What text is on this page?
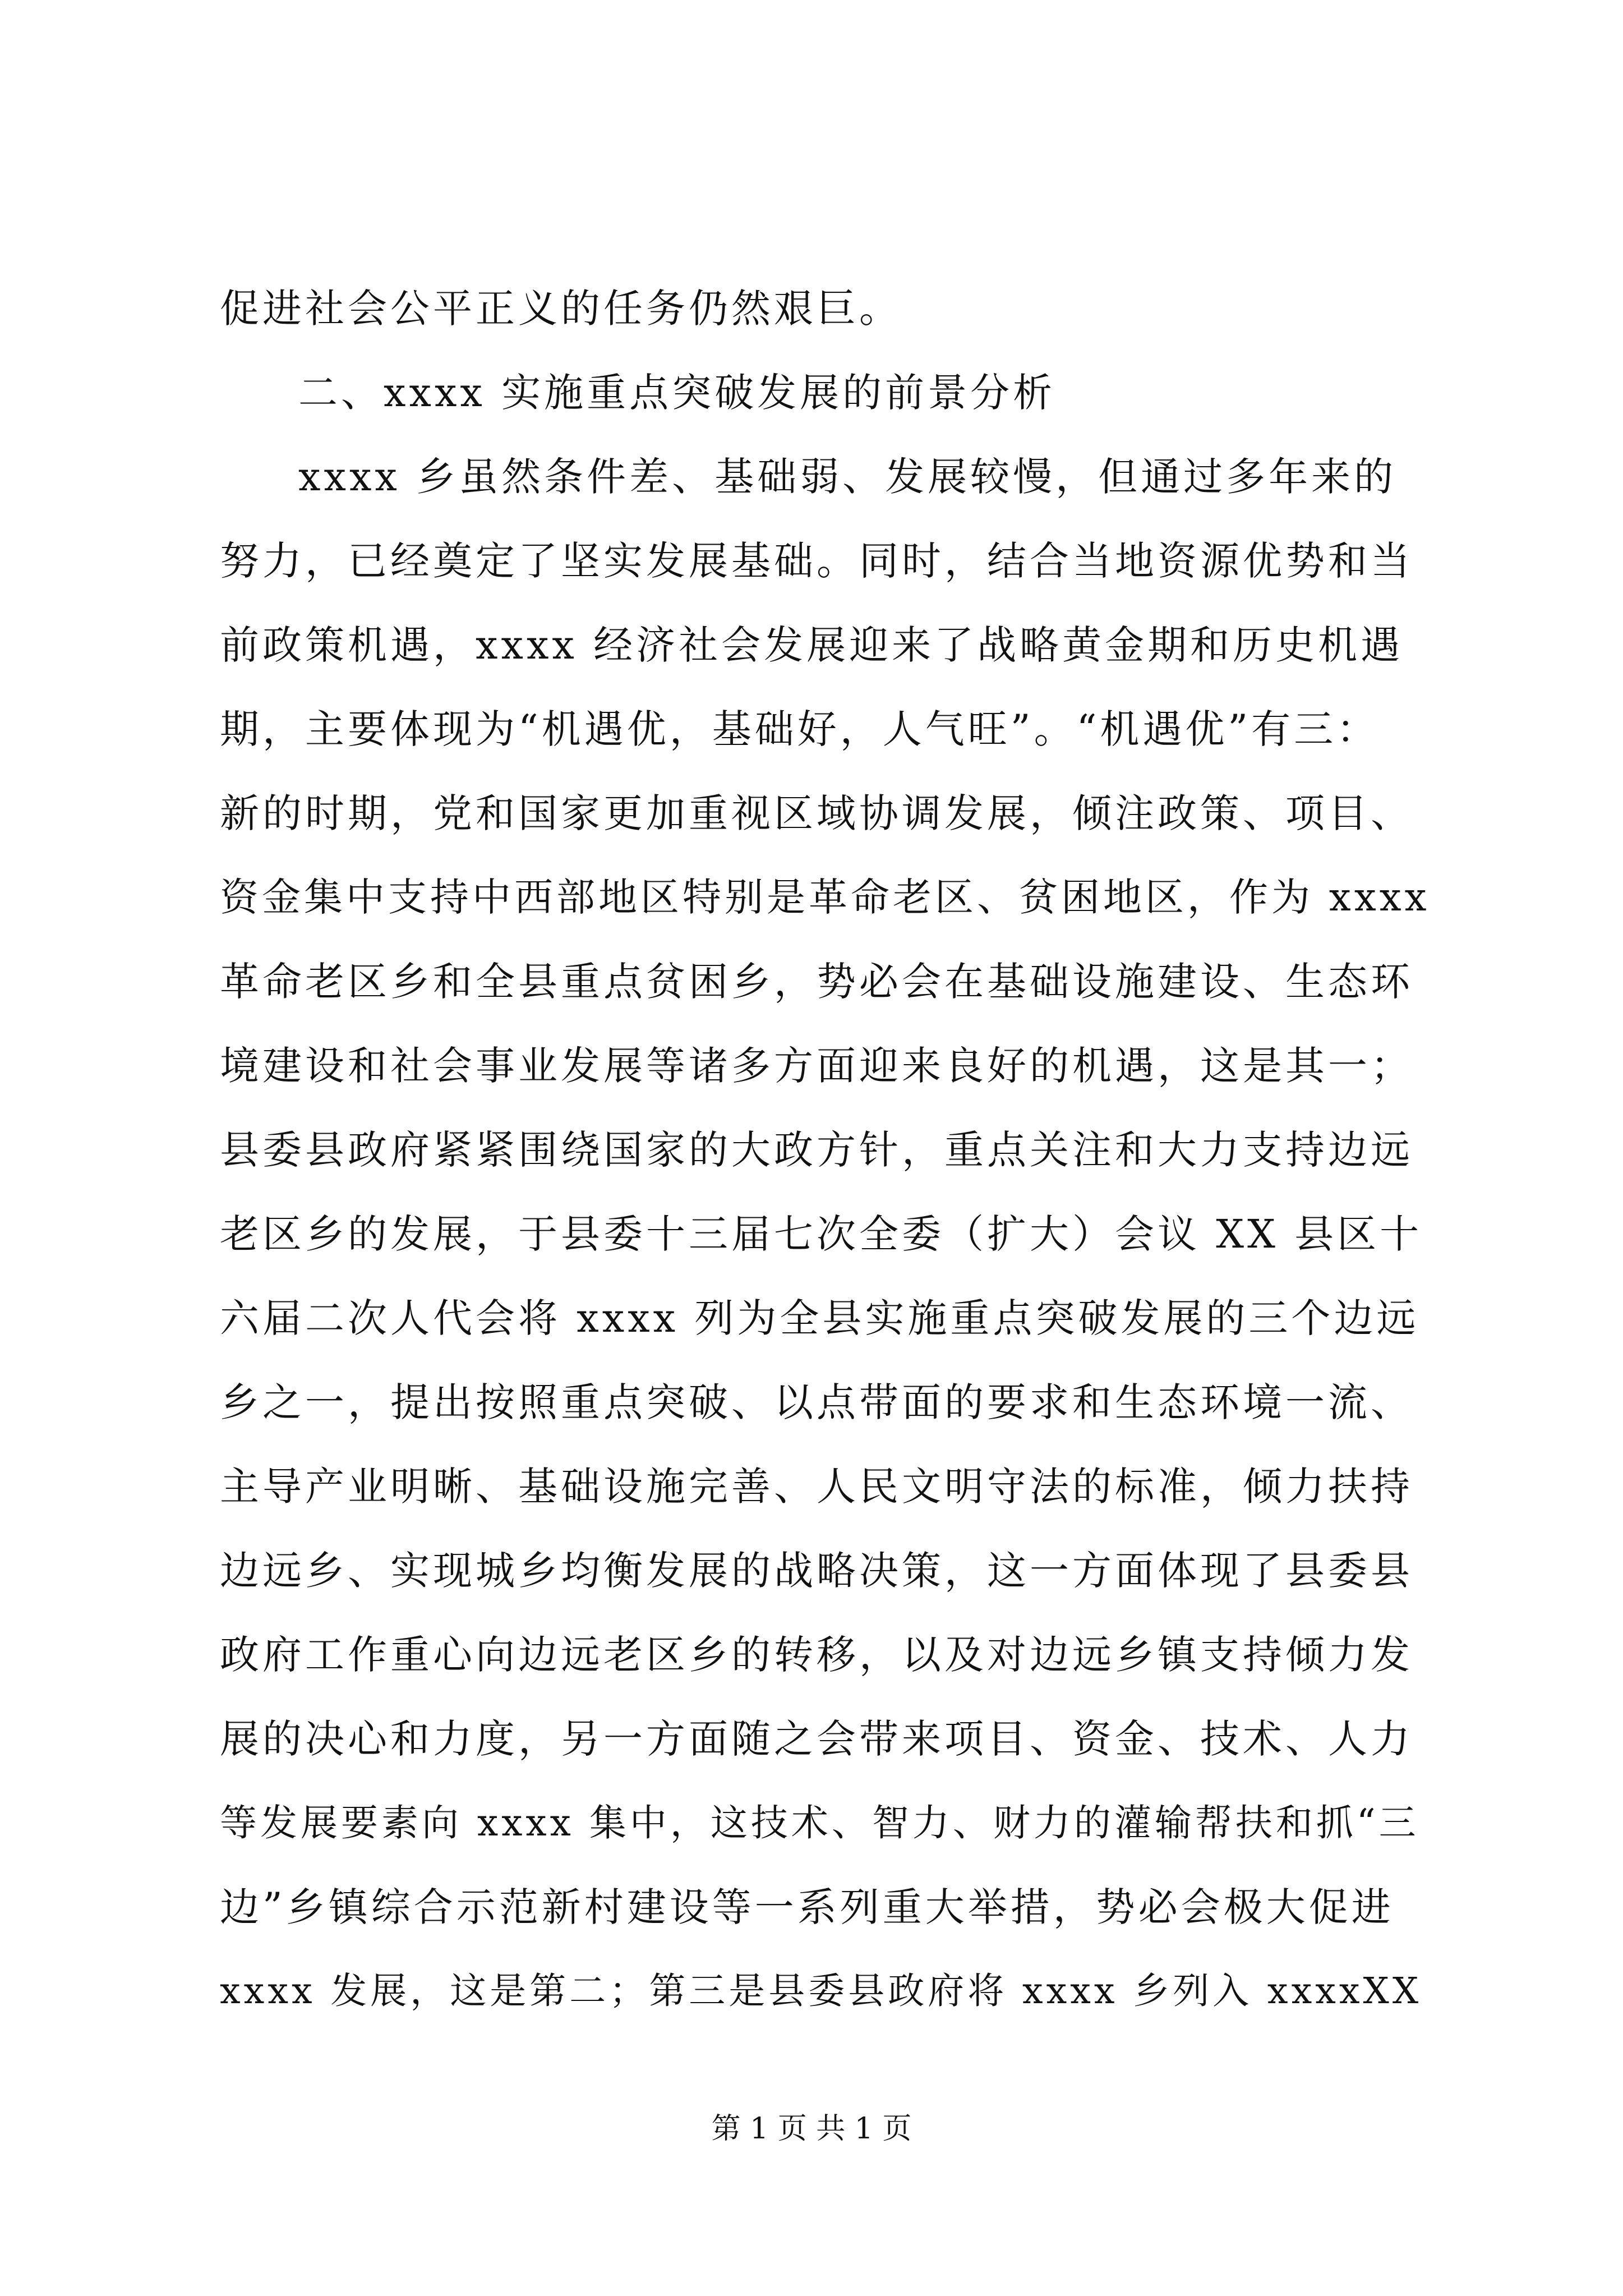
促进社会公平正义的任务仍然艰巨。
二、xxxx 实施重点突破发展的前景分析
xxxx 乡虽然条件差、基础弱、发展较慢，但通过多年来的
努力，已经奠定了坚实发展基础。同时，结合当地资源优势和当
前政策机遇，xxxx 经济社会发展迎来了战略黄金期和历史机遇
期，主要体现为“机遇优，基础好，人气旺”。“机遇优”有三：
新的时期，党和国家更加重视区域协调发展，倾注政策、项目、
资金集中支持中西部地区特别是革命老区、贫困地区，作为 xxxx
革命老区乡和全县重点贫困乡，势必会在基础设施建设、生态环
境建设和社会事业发展等诸多方面迎来良好的机遇，这是其一；
县委县政府紧紧围绕国家的大政方针，重点关注和大力支持边远
老区乡的发展，于县委十三届七次全委（扩大）会议 XX 县区十
六届二次人代会将 xxxx 列为全县实施重点突破发展的三个边远
乡之一，提出按照重点突破、以点带面的要求和生态环境一流、
主导产业明晰、基础设施完善、人民文明守法的标准，倾力扶持
边远乡、实现城乡均衡发展的战略决策，这一方面体现了县委县
政府工作重心向边远老区乡的转移，以及对边远乡镇支持倾力发
展的决心和力度，另一方面随之会带来项目、资金、技术、人力
等发展要素向 xxxx 集中，这技术、智力、财力的灌输帮扶和抓“三
边”乡镇综合示范新村建设等一系列重大举措，势必会极大促进
xxxx 发展，这是第二；第三是县委县政府将 xxxx 乡列入 xxxxXX
第 1 页 共 1 页
